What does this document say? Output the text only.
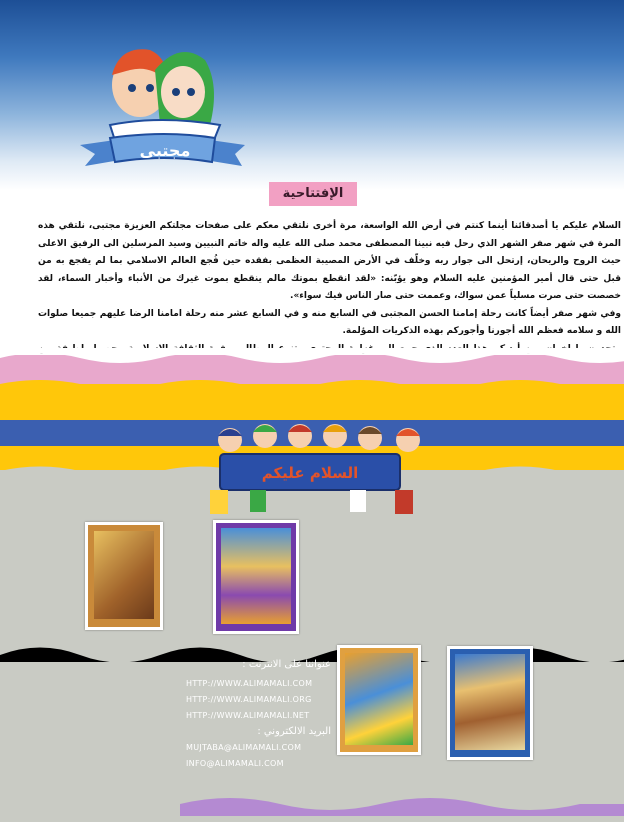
مجتبى
الإفتتاحية

السلام عليكم يا أصدقائنا أينما كنتم في أرض الله الواسعة، مرة أخرى نلتقي معكم على صفحات مجلتكم العزيزة مجتبى، نلتقي هذه المرة في شهر صفر الشهر الذي رحل فيه نبينا المصطفى محمد صلى الله عليه واله خاتم النبيين وسيد المرسلين الى الرفيق الاعلى حيث الروح والريحان، إرتحل الى جوار ربه وخلّف في الأرض المصيبة العظمى بفقده حين فُجع العالم الاسلامي بما لم يفجع به من قبل حتى قال أمير المؤمنين عليه السلام وهو يؤبّنه: «لقد انقطع بموتك مالم ينقطع بموت غيرك من الأنباء وأخبار السماء، لقد خصصت حتى صرت مسلياً عمن سواك، وعممت حتى صار الناس فيك سواء».

وفي شهر صفر أيضاً كانت رحلة إمامنا الحسن المجتبى في السابع منه و في السابع عشر منه رحلة امامنا الرضا عليهم جميعا صلوات الله و سلامه فعظم الله أجورنا وأجوركم بهذه الذكريات المؤلمة.

السلام عليكم
عنواننا على الانترنت :
HTTP://WWW.ALIMAMALI.COM
HTTP://WWW.ALIMAMALI.ORG
HTTP://WWW.ALIMAMALI.NET
البريد الالكتروني :
MUJTABA@ALIMAMALI.COM
INFO@ALIMAMALI.COM
